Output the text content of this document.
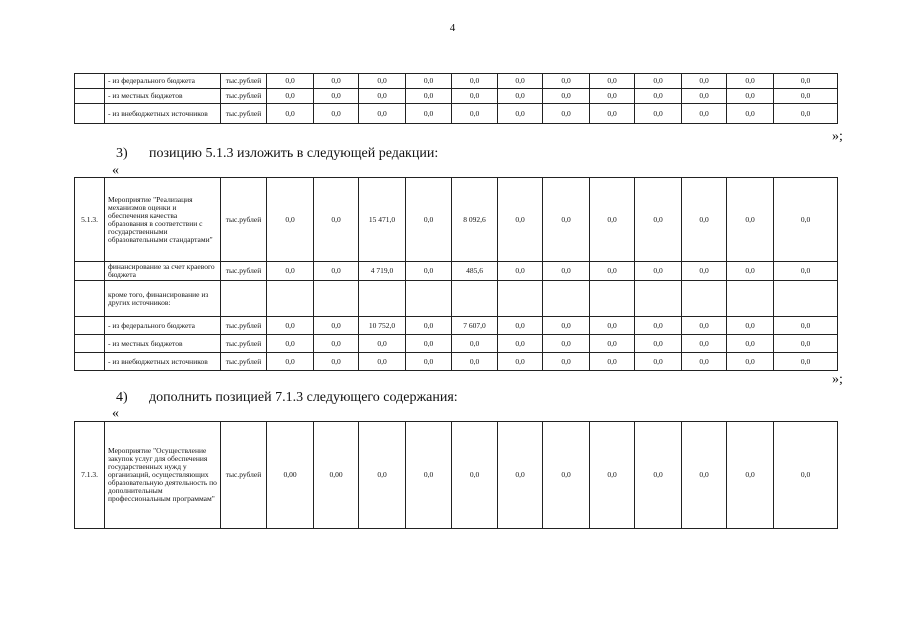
4
	- из федерального бюджета	тыс.рублей	0,0	0,0	0,0	0,0	0,0	0,0	0,0	0,0	0,0	0,0	0,0	0,0
	- из местных бюджетов	тыс.рублей	0,0	0,0	0,0	0,0	0,0	0,0	0,0	0,0	0,0	0,0	0,0	0,0
	- из внебюджетных источников	тыс.рублей	0,0	0,0	0,0	0,0	0,0	0,0	0,0	0,0	0,0	0,0	0,0	0,0
»;
3) позицию 5.1.3 изложить в следующей редакции:
«
5.1.3.	Мероприятие "Реализация механизмов оценки и обеспечения качества образования в соответствии с государственными образовательными стандартами"	тыс.рублей	0,0	0,0	15 471,0	0,0	8 092,6	0,0	0,0	0,0	0,0	0,0	0,0	0,0
	финансирование за счет краевого бюджета	тыс.рублей	0,0	0,0	4 719,0	0,0	485,6	0,0	0,0	0,0	0,0	0,0	0,0	0,0
	кроме того, финансирование из других источников:													
	- из федерального бюджета	тыс.рублей	0,0	0,0	10 752,0	0,0	7 607,0	0,0	0,0	0,0	0,0	0,0	0,0	0,0
	- из местных бюджетов	тыс.рублей	0,0	0,0	0,0	0,0	0,0	0,0	0,0	0,0	0,0	0,0	0,0	0,0
	- из внебюджетных источников	тыс.рублей	0,0	0,0	0,0	0,0	0,0	0,0	0,0	0,0	0,0	0,0	0,0	0,0
»;
4) дополнить позицией 7.1.3 следующего содержания:
«
7.1.3.	Мероприятие "Осуществление закупок услуг для обеспечения государственных нужд у организаций, осуществляющих образовательную деятельность по дополнительным профессиональным программам"	тыс.рублей	0,00	0,00	0,0	0,0	0,0	0,0	0,0	0,0	0,0	0,0	0,0	0,0
